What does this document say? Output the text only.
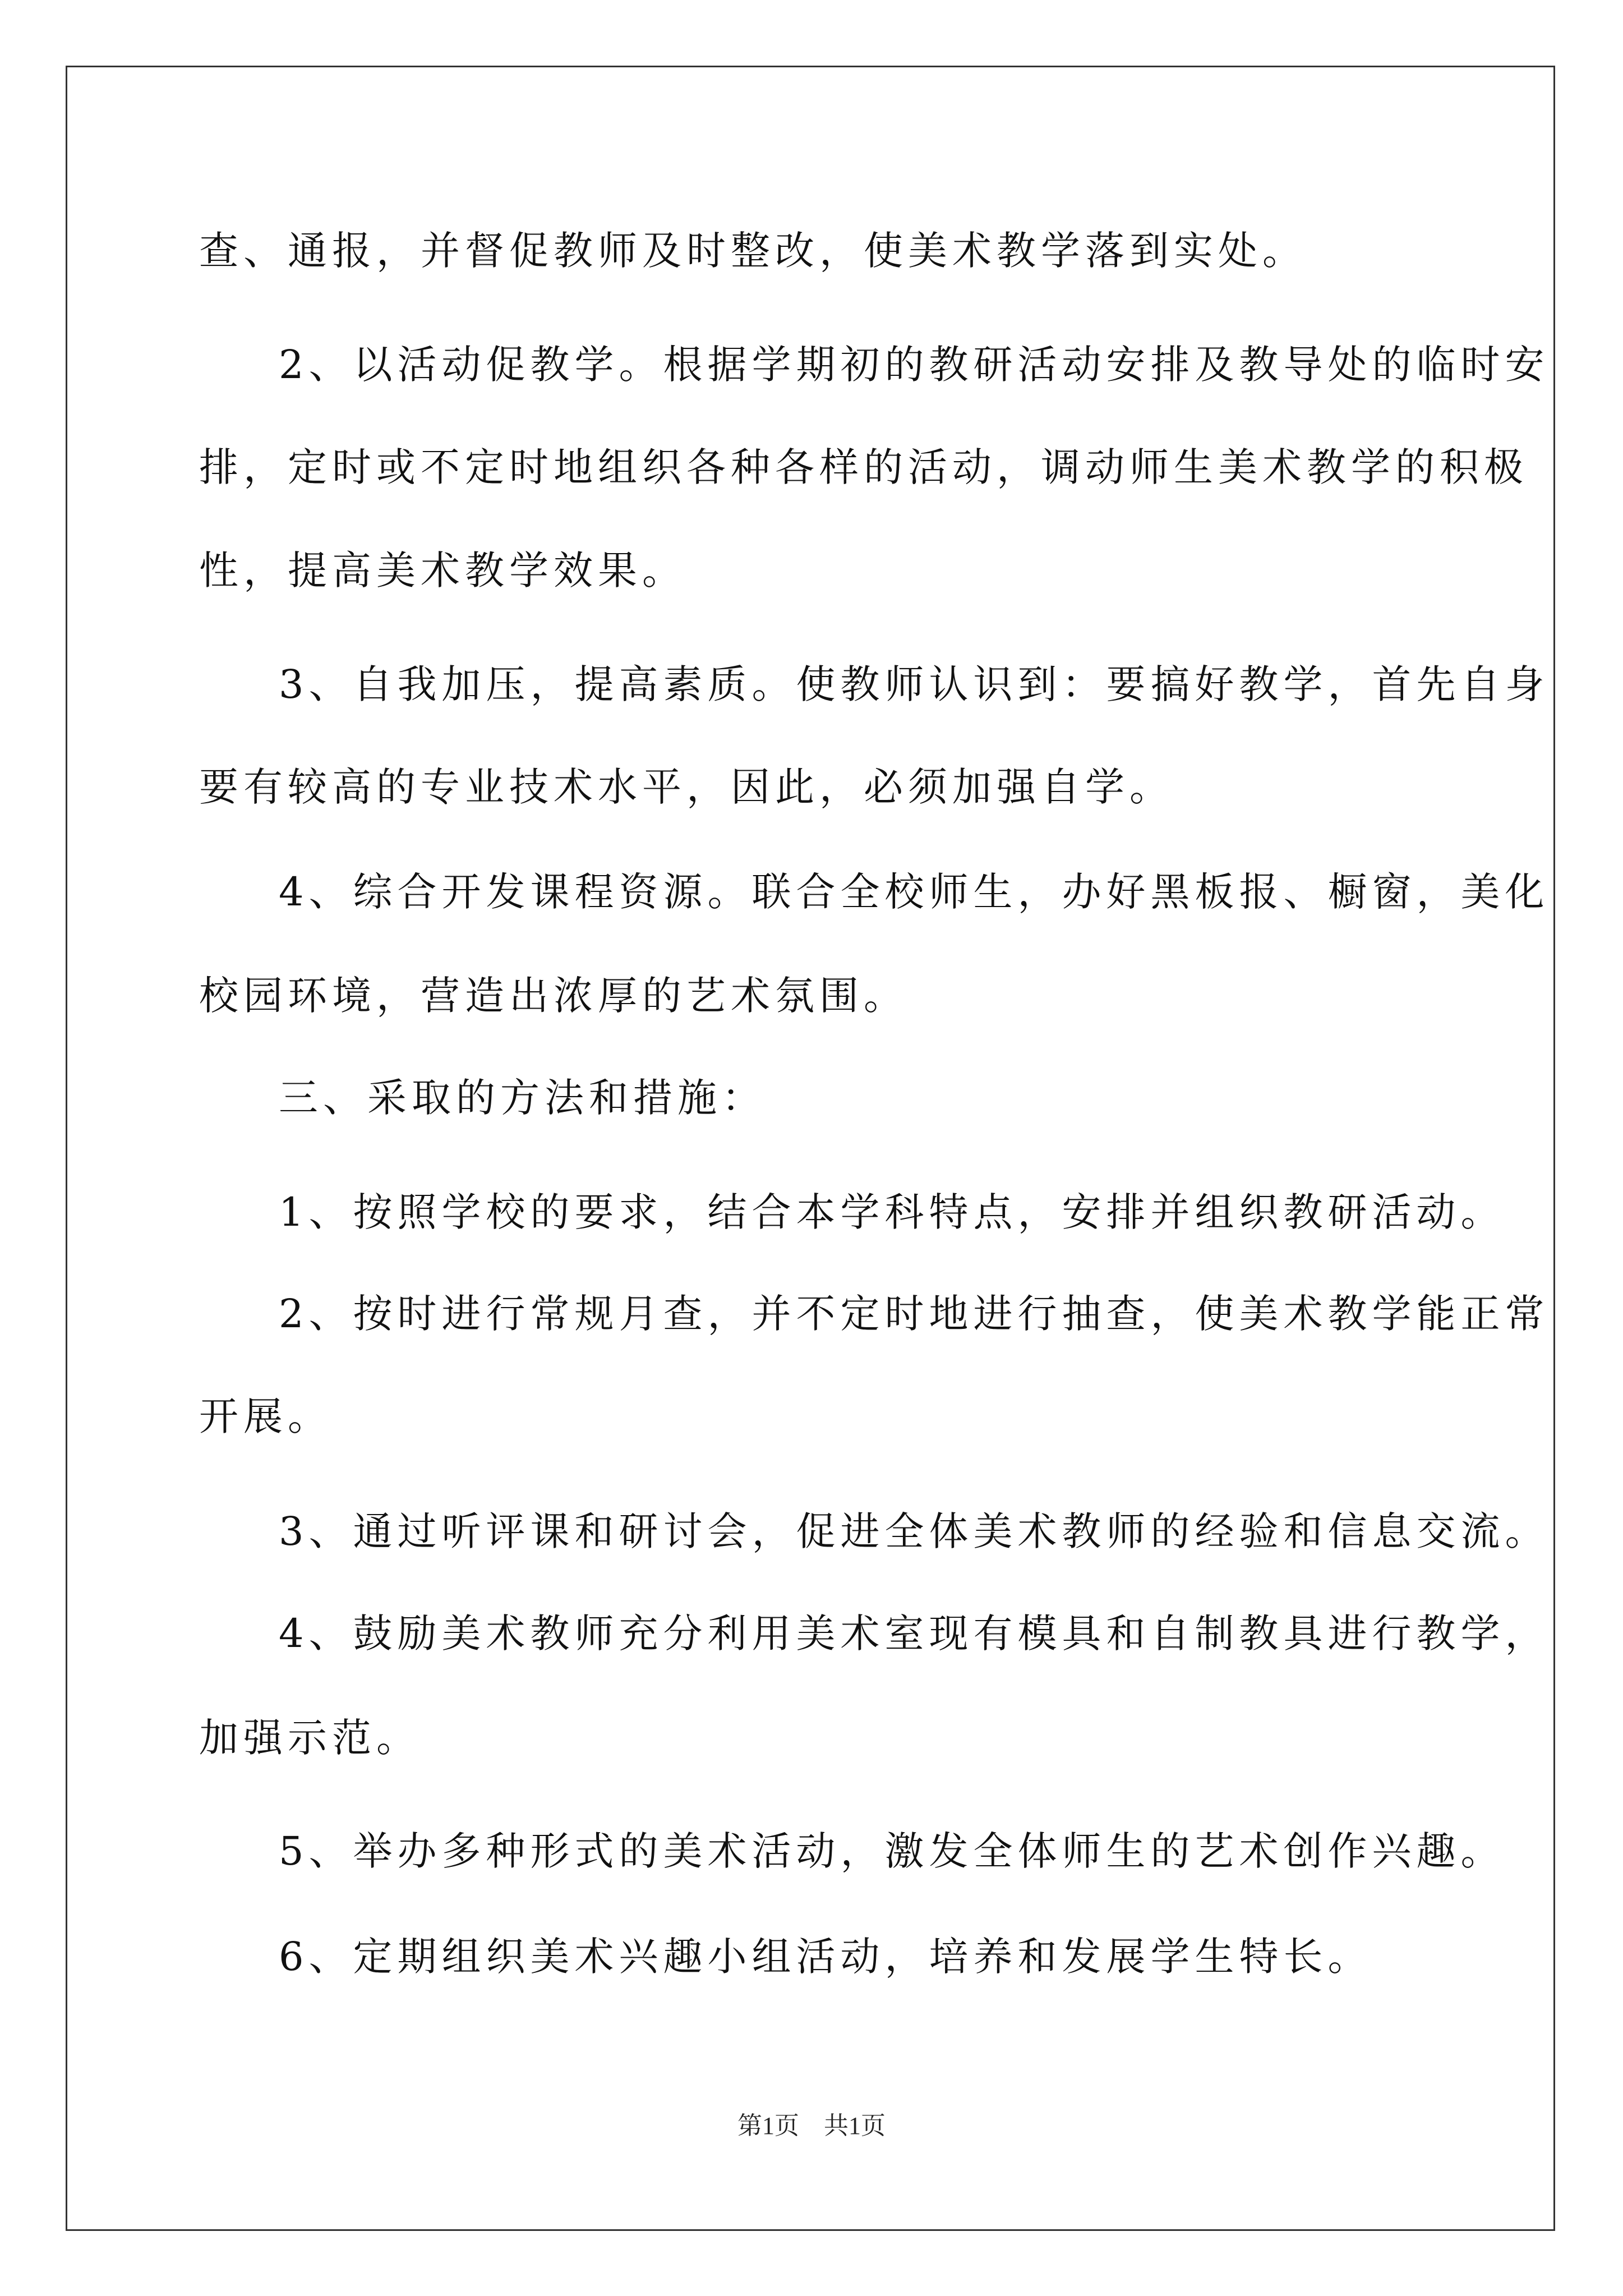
查、通报，并督促教师及时整改，使美术教学落到实处。
2、以活动促教学。根据学期初的教研活动安排及教导处的临时安
排，定时或不定时地组织各种各样的活动，调动师生美术教学的积极
性，提高美术教学效果。
3、自我加压，提高素质。使教师认识到：要搞好教学，首先自身
要有较高的专业技术水平，因此，必须加强自学。
4、综合开发课程资源。联合全校师生，办好黑板报、橱窗，美化
校园环境，营造出浓厚的艺术氛围。
三、采取的方法和措施：
1、按照学校的要求，结合本学科特点，安排并组织教研活动。
2、按时进行常规月查，并不定时地进行抽查，使美术教学能正常
开展。
3、通过听评课和研讨会，促进全体美术教师的经验和信息交流。
4、鼓励美术教师充分利用美术室现有模具和自制教具进行教学，
加强示范。
5、举办多种形式的美术活动，激发全体师生的艺术创作兴趣。
6、定期组织美术兴趣小组活动，培养和发展学生特长。
第1页　共1页
